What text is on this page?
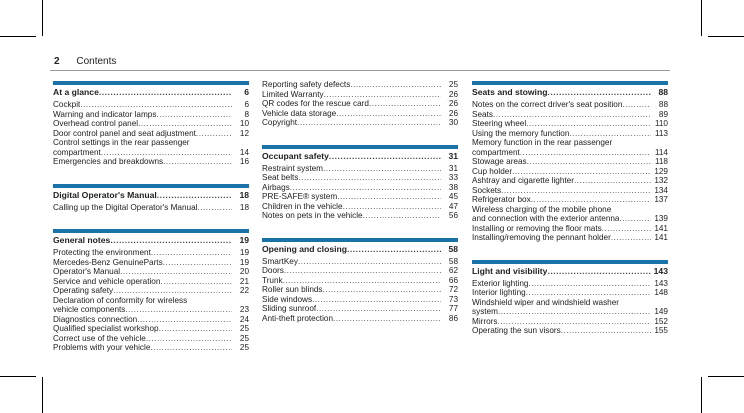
2 Contents
At a glance .....	6
Cockpit .....	6
Warning and indicator lamps .....	8
Overhead control panel .....	10
Door control panel and seat adjustment .....	12
Control settings in the rear passenger
compartment .....	14
Emergencies and breakdowns .....	16
Digital Operator's Manual .....	18
Calling up the Digital Operator's Manual .....	18
General notes .....	19
Protecting the environment .....	19
Mercedes-Benz GenuineParts .....	19
Operator's Manual .....	20
Service and vehicle operation .....	21
Operating safety .....	22
Declaration of conformity for wireless
vehicle components .....	23
Diagnostics connection .....	24
Qualified specialist workshop .....	25
Correct use of the vehicle .....	25
Problems with your vehicle .....	25
Reporting safety defects .....	25
Limited Warranty .....	26
QR codes for the rescue card .....	26
Vehicle data storage .....	26
Copyright .....	30
Occupant safety .....	31
Restraint system .....	31
Seat belts .....	33
Airbags .....	38
PRE-SAFE® system .....	45
Children in the vehicle .....	47
Notes on pets in the vehicle .....	56
Opening and closing .....	58
SmartKey .....	58
Doors .....	62
Trunk .....	66
Roller sun blinds .....	72
Side windows .....	73
Sliding sunroof .....	77
Anti-theft protection .....	86
Seats and stowing .....	88
Notes on the correct driver's seat position .....	88
Seats .....	89
Steering wheel .....	110
Using the memory function .....	113
Memory function in the rear passenger
compartment .....	114
Stowage areas .....	118
Cup holder .....	129
Ashtray and cigarette lighter .....	132
Sockets .....	134
Refrigerator box .....	137
Wireless charging of the mobile phone
and connection with the exterior antenna .....	139
Installing or removing the floor mats .....	141
Installing/removing the pennant holder .....	141
Light and visibility .....	143
Exterior lighting .....	143
Interior lighting .....	148
Windshield wiper and windshield washer
system .....	149
Mirrors .....	152
Operating the sun visors .....	155
